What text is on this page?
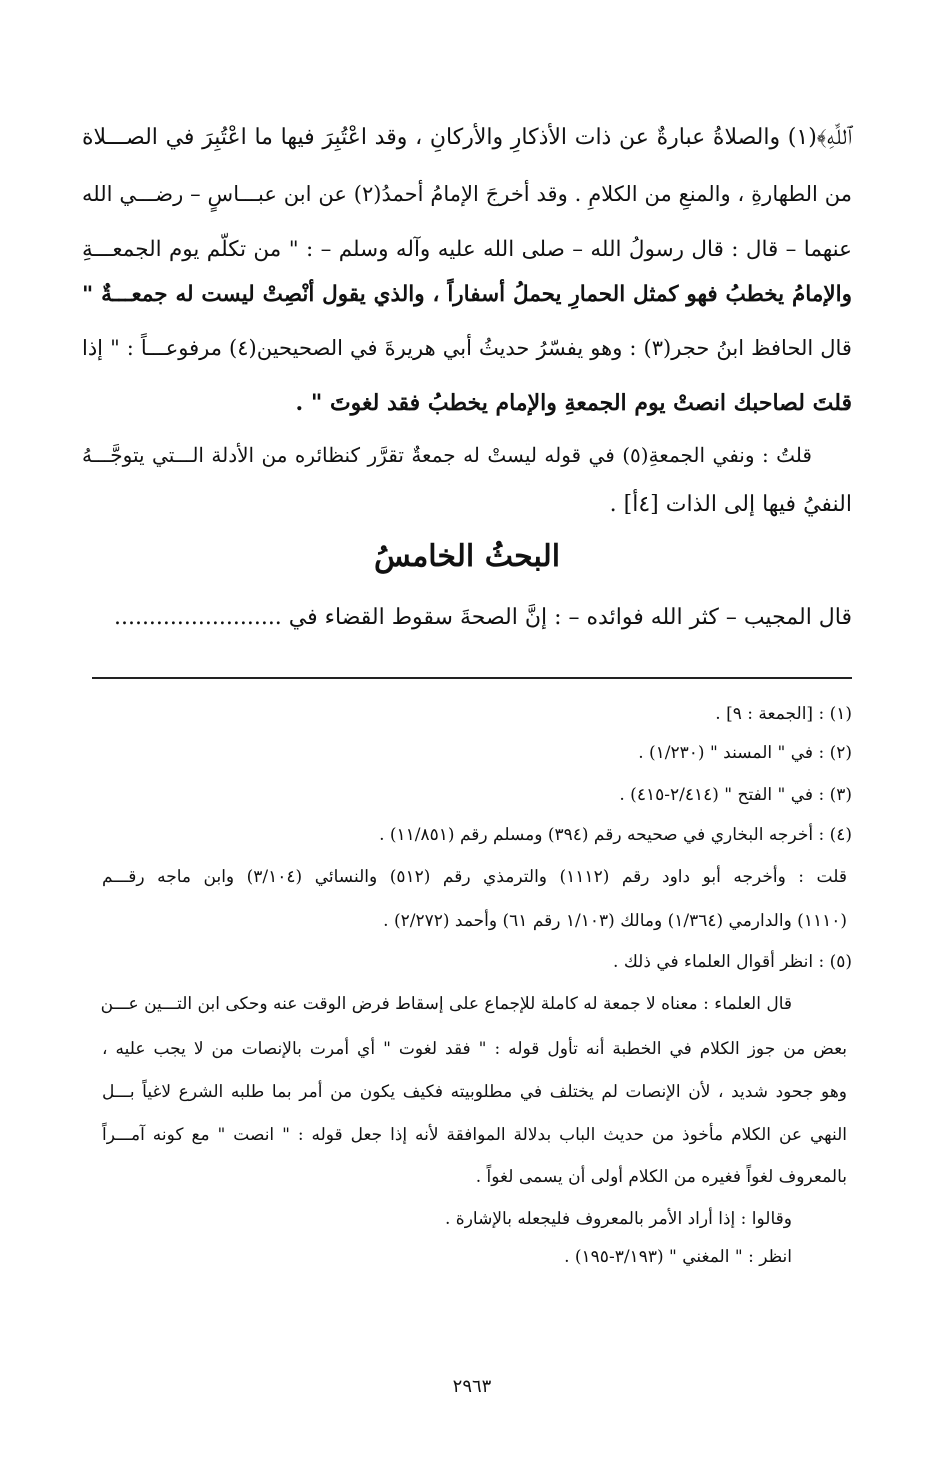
ﭐﻟﻠَّﻪِ﴾(١) والصلاةُ عبارةٌ عن ذات الأذكارِ والأركانِ ، وقد اعْتُبِرَ فيها ما اعْتُبِرَ في الصـــلاة
من الطهارةِ ، والمنعِ من الكلامِ . وقد أخرجَ الإمامُ أحمدُ(٢) عن ابن عبـــاسٍ – رضـــي الله
عنهما – قال : قال رسولُ الله – صلى الله عليه وآله وسلم – : " من تكلّم يوم الجمعـــةِ
والإمامُ يخطبُ فهو كمثل الحمارِ يحملُ أسفاراً ، والذي يقول أنْصِتْ ليست له جمعـــةٌ "
قال الحافظ ابنُ حجر(٣) : وهو يفسّرُ حديثُ أبي هريرةَ في الصحيحين(٤) مرفوعـــاً : " إذا
قلتَ لصاحبك انصتْ يوم الجمعةِ والإمام يخطبُ فقد لغوتَ " .
قلتُ : ونفي الجمعةِ(٥) في قوله ليستْ له جمعةٌ تقرَّر كنظائره من الأدلة الـــتي يتوجَّـــهُ
النفيُ فيها إلى الذات [٤أ] .
البحثُ الخامسُ
قال المجيب – كثر الله فوائده – : إنَّ الصحةَ سقوط القضاء في ........................
(١) : [الجمعة : ٩] .
(٢) : في " المسند " (١/٢٣٠) .
(٣) : في " الفتح " (٢/٤١٤-٤١٥) .
(٤) : أخرجه البخاري في صحيحه رقم (٣٩٤) ومسلم رقم (١١/٨٥١) .
قلت : وأخرجه أبو داود رقم (١١١٢) والترمذي رقم (٥١٢) والنسائي (٣/١٠٤) وابن ماجه رقـــم
(١١١٠) والدارمي (١/٣٦٤) ومالك (١/١٠٣ رقم ٦١) وأحمد (٢/٢٧٢) .
(٥) : انظر أقوال العلماء في ذلك .
قال العلماء : معناه لا جمعة له كاملة للإجماع على إسقاط فرض الوقت عنه وحكى ابن التـــين عـــن
بعض من جوز الكلام في الخطبة أنه تأول قوله : " فقد لغوت " أي أمرت بالإنصات من لا يجب عليه ،
وهو جحود شديد ، لأن الإنصات لم يختلف في مطلوبيته فكيف يكون من أمر بما طلبه الشرع لاغياً بـــل
النهي عن الكلام مأخوذ من حديث الباب بدلالة الموافقة لأنه إذا جعل قوله : " انصت " مع كونه آمـــراً
بالمعروف لغواً فغيره من الكلام أولى أن يسمى لغواً .
وقالوا : إذا أراد الأمر بالمعروف فليجعله بالإشارة .
انظر : " المغني " (٣/١٩٣-١٩٥) .
٢٩٦٣
